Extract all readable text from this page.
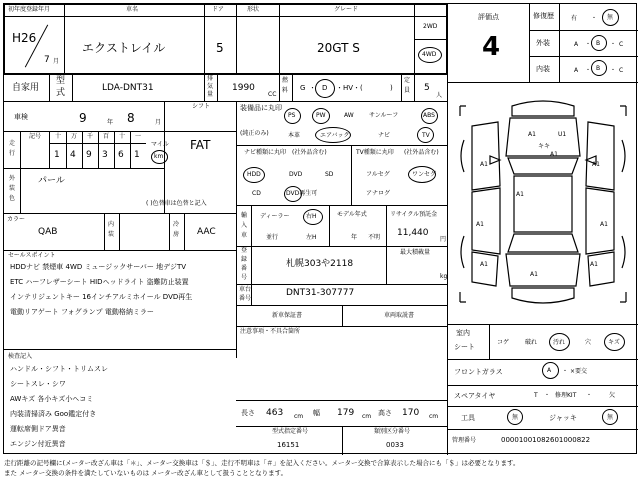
初年度登録年月	車名	ドア	形状	グレード
H26
7 月
エクストレイル	5	20GT S
2WD
4WD
自家用
型
式	LDA-DNT31
排
気
量
1990
CC
燃
料 G ・ D ・ HV・(	)
定
員 5
人
車検	9	年 8	月
シフト
FAT
走
行
記号
マイル
km
外
装
色
パール
( )色替車は色替と記入
カラー
QAB
内
装
冷
房 AAC
セールスポイント
検査記入
装備品に丸印
(純正のみ)
PS	PW	AW	サンルーフ	ABS
本革	エアバック	ナビ	TV
ナビ種類に丸印 (社外品含む)	TV種類に丸印 (社外品含む)
HDD	DVD	SD
CD	DVD再生可
フルセグ	ワンセグ
アナログ
輸
入
車
ディーラー
並行
右H
左H
モデル年式
年 不明
リサイクル預託金
11,440
円
登
録
番
号
札幌303や2118
最大積載量
kg
車台
番号
DNT31-307777
新車保証書	車両取説書
注意事項・不具合箇所
評価点
4
修復歴	有 ・ 無
外装	A ・ B ・ C
内装	A ・ B ・ C
A1	U1
A1	A1
A1
A1
A1	A1
A1	A1
キキ
A1
室内
シート
コゲ	破れ	汚れ	穴	キズ
フロントガラス	A ・ ×要交
スペアタイヤ	T ・ 修理KIT ・	欠
工具	無	ジャッキ	無
管理番号	00001001082601000822
長さ 463 cm 幅 179 cm 高さ 170 cm
型式指定番号
16151
類別区分番号
0033
十 万 千 百 十 一
1 4 9 3 6 1
HDDナビ 禁煙車 4WD ミュージックサーバー 地デジTV
ETC ハーフレザーシート HIDヘッドライト 盗難防止装置
インテリジェントキー 16インチアルミホイール DVD再生
電動リアゲート フォグランプ 電動格納ミラー
ハンドル・シフト・トリムスレ
シートスレ・シワ
AWキズ 各小キズ小ヘコミ
内装清掃済み Goo鑑定付き
運転席側ドア異音
エンジン付近異音
走行距離の記号欄に(メーター改ざん車は「＊」、メーター交換車は「＄」、走行不明車は「＃」を記入ください。メーター交換で合算表示した場合にも「＄」は必要となります。
また メーター交換の条件を満たしていないものは メーター改ざん車として扱うこととなります。
